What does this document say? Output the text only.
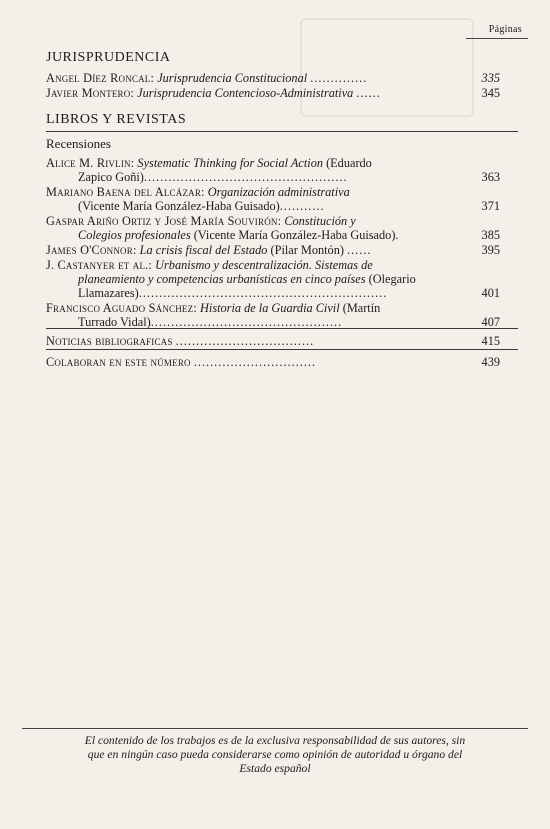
Páginas
JURISPRUDENCIA
Angel Díez Roncal: Jurisprudencia Constitucional ..............	335
Javier Montero: Jurisprudencia Contencioso-Administrativa ......	345
LIBROS Y REVISTAS
Recensiones
Alice M. Rivlin: Systematic Thinking for Social Action (Eduardo
Zapico Goñi)..................................................	363
Mariano Baena del Alcázar: Organización administrativa
(Vicente María González-Haba Guisado)...........	371
Gaspar Ariño Ortiz y José María Souvirón: Constitución y
Colegios profesionales (Vicente María González-Haba Guisado).	385
James O'Connor: La crisis fiscal del Estado (Pilar Montón) ......	395
J. Castanyer et al.: Urbanismo y descentralización. Sistemas de
planeamiento y competencias urbanísticas en cinco países (Olegario
Llamazares).............................................................	401
Francisco Aguado Sánchez: Historia de la Guardia Civil (Martín
Turrado Vidal)...............................................	407
Noticias bibliograficas ..................................	415
Colaboran en este número ..............................	439
El contenido de los trabajos es de la exclusiva responsabilidad de sus autores, sin
que en ningún caso pueda considerarse como opinión de autoridad u órgano del
Estado español
